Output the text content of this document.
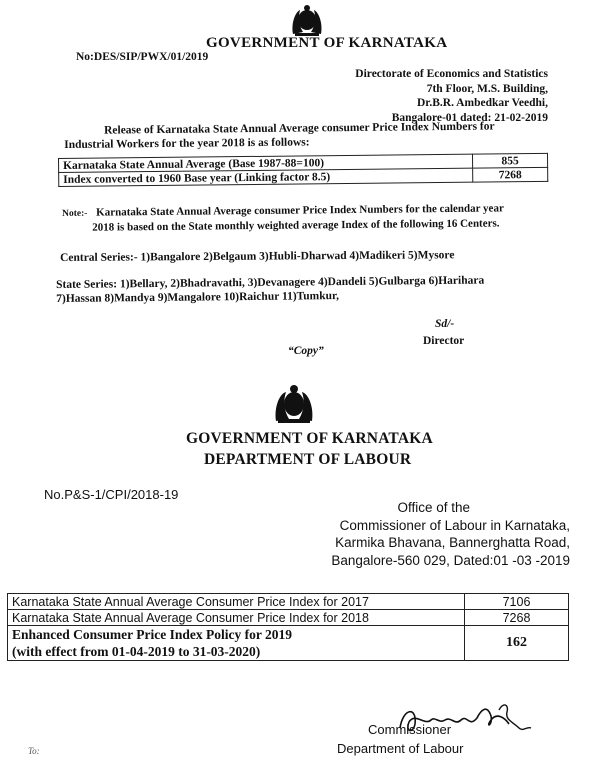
GOVERNMENT OF KARNATAKA
No:DES/SIP/PWX/01/2019
Directorate of Economics and Statistics
7th Floor, M.S. Building,
Dr.B.R. Ambedkar Veedhi,
Bangalore-01 dated: 21-02-2019
Release of Karnataka State Annual Average consumer Price Index Numbers for
Industrial Workers for the year 2018 is as follows:
Karnataka State Annual Average (Base 1987-88=100)	855
Index converted to 1960 Base year (Linking factor 8.5)	7268
Note:- Karnataka State Annual Average consumer Price Index Numbers for the calendar year
2018 is based on the State monthly weighted average Index of the following 16 Centers.
Central Series:- 1)Bangalore 2)Belgaum 3)Hubli-Dharwad 4)Madikeri 5)Mysore
State Series: 1)Bellary, 2)Bhadravathi, 3)Devanagere 4)Dandeli 5)Gulbarga 6)Harihara
7)Hassan 8)Mandya 9)Mangalore 10)Raichur 11)Tumkur,
Sd/-
Director
“Copy”
GOVERNMENT OF KARNATAKA
DEPARTMENT OF LABOUR
No.P&S-1/CPI/2018-19
Office of the
Commissioner of Labour in Karnataka,
Karmika Bhavana, Bannerghatta Road,
Bangalore-560 029, Dated:01 -03 -2019
Karnataka State Annual Average Consumer Price Index for 2017	7106
Karnataka State Annual Average Consumer Price Index for 2018	7268

Enhanced Consumer Price Index Policy for 2019
(with effect from 01-04-2019 to 31-03-2020)	162
Commissioner
Department of Labour
To:
